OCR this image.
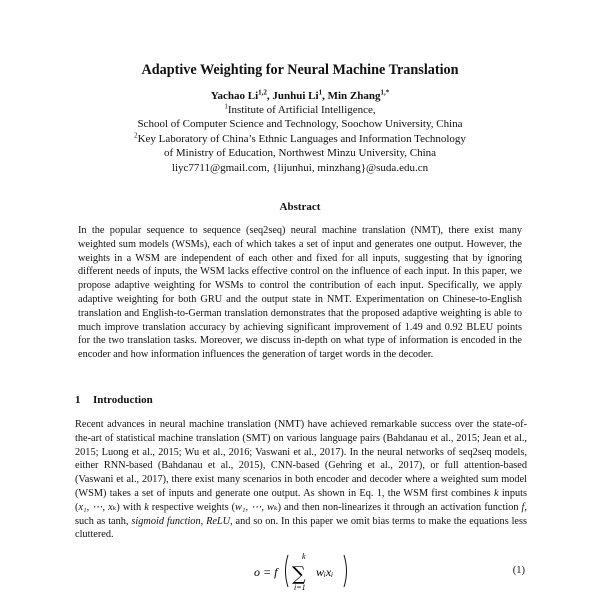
Adaptive Weighting for Neural Machine Translation
Yachao Li$^{1,2}$, Junhui Li$^1$, Min Zhang$^{1,*}$
$^1$Institute of Artificial Intelligence,
School of Computer Science and Technology, Soochow University, China
$^2$Key Laboratory of China’s Ethnic Languages and Information Technology
of Ministry of Education, Northwest Minzu University, China
liyc7711@gmail.com, {lijunhui, minzhang}@suda.edu.cn
Abstract
In the popular sequence to sequence (seq2seq) neural machine translation (NMT), there exist many weighted sum models (WSMs), each of which takes a set of input and generates one output. However, the weights in a WSM are independent of each other and fixed for all inputs, suggesting that by ignoring different needs of inputs, the WSM lacks effective control on the influence of each input. In this paper, we propose adaptive weighting for WSMs to control the contribution of each input. Specifically, we apply adaptive weighting for both GRU and the output state in NMT. Experimentation on Chinese-to-English translation and English-to-German translation demonstrates that the proposed adaptive weighting is able to much improve translation accuracy by achieving significant improvement of 1.49 and 0.92 BLEU points for the two translation tasks. Moreover, we discuss in-depth on what type of information is encoded in the encoder and how information influences the generation of target words in the decoder.
1 Introduction
Recent advances in neural machine translation (NMT) have achieved remarkable success over the state-of-the-art of statistical machine translation (SMT) on various language pairs (Bahdanau et al., 2015; Jean et al., 2015; Luong et al., 2015; Wu et al., 2016; Vaswani et al., 2017). In the neural networks of seq2seq models, either RNN-based (Bahdanau et al., 2015), CNN-based (Gehring et al., 2017), or full attention-based (Vaswani et al., 2017), there exist many scenarios in both encoder and decoder where a weighted sum model (WSM) takes a set of inputs and generate one output. As shown in Eq. 1, the WSM first combines k inputs (x₁, ⋯, xₖ) with k respective weights (w₁, ⋯, wₖ) and then non-linearizes it through an activation function f, such as tanh, sigmoid function, ReLU, and so on. In this paper we omit bias terms to make the equations less cluttered.
o = f
k
∑
i=1
wᵢxᵢ	(1)
